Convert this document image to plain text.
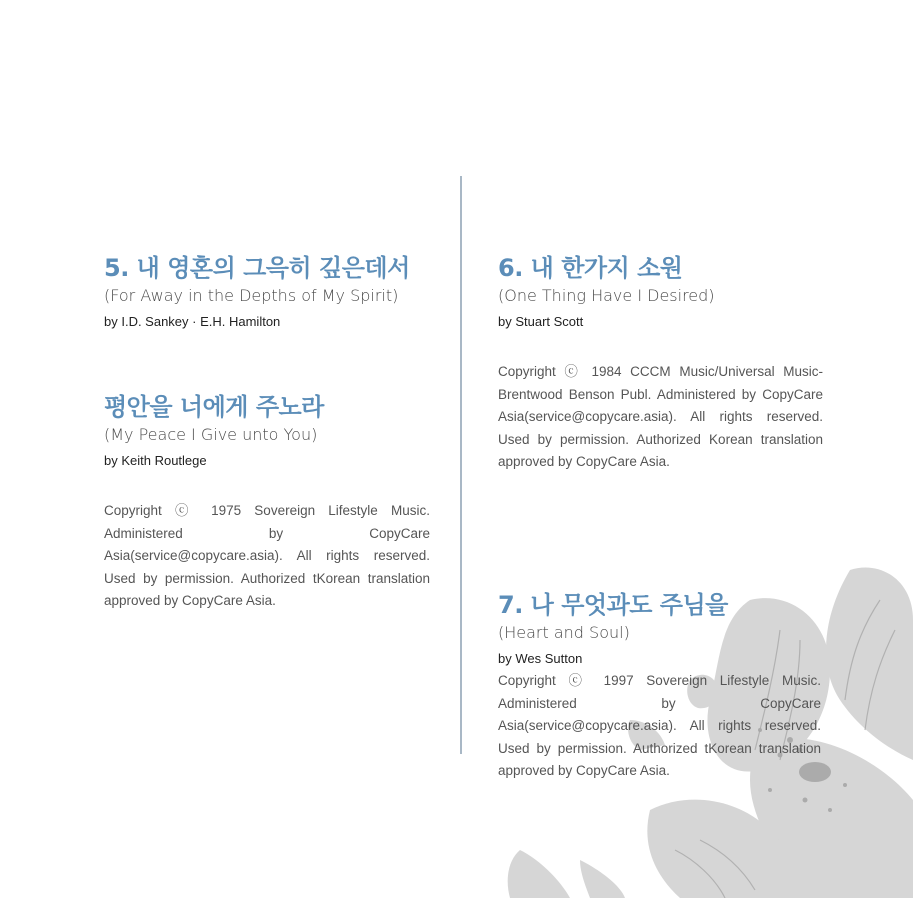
5. 내 영혼의 그윽히 깊은데서
(For Away in the Depths of My Spirit)
by I.D. Sankey · E.H. Hamilton
평안을 너에게 주노라
(My Peace I Give unto You)
by Keith Routlege

Copyright ⓒ 1975 Sovereign Lifestyle Music. Administered by CopyCare Asia(service@copycare.asia). All rights reserved. Used by permission. Authorized tKorean translation approved by CopyCare Asia.

6. 내 한가지 소원
(One Thing Have I Desired)
by Stuart Scott

Copyright ⓒ 1984 CCCM Music/Universal Music-Brentwood Benson Publ. Administered by CopyCare Asia(service@copycare.asia). All rights reserved. Used by permission. Authorized Korean translation approved by CopyCare Asia.

7. 나 무엇과도 주님을
(Heart and Soul)
by Wes Sutton

Copyright ⓒ 1997 Sovereign Lifestyle Music. Administered by CopyCare Asia(service@copycare.asia). All rights reserved. Used by permission. Authorized tKorean translation approved by CopyCare Asia.
